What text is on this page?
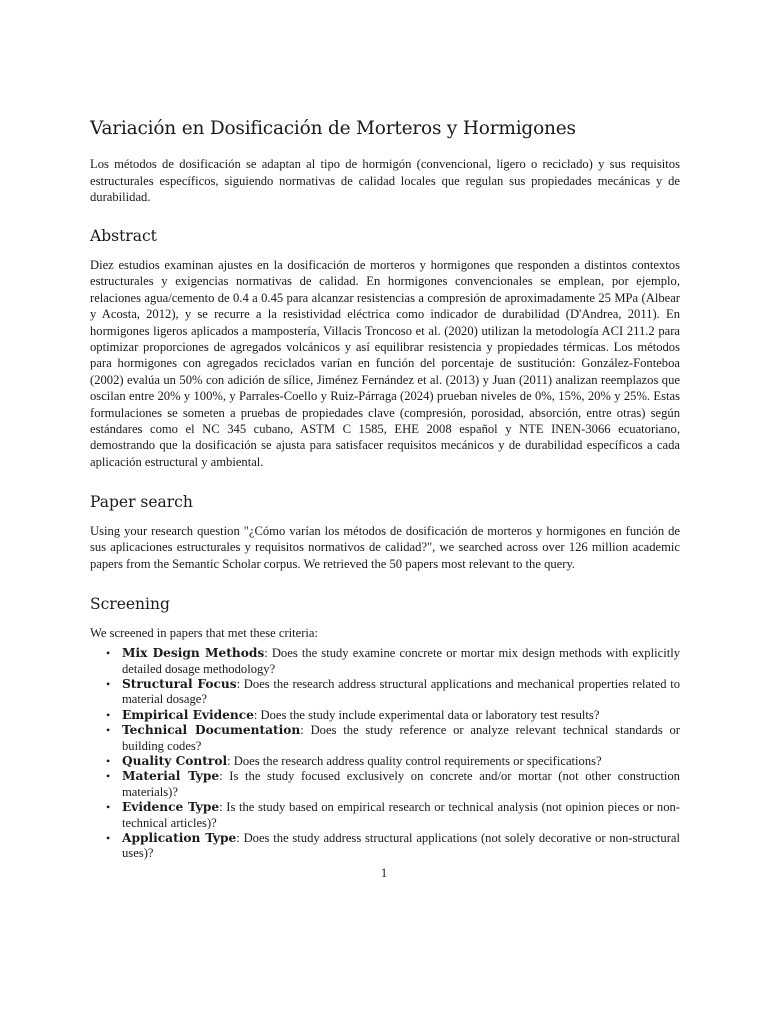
Variación en Dosificación de Morteros y Hormigones

Los métodos de dosificación se adaptan al tipo de hormigón (convencional, ligero o reciclado) y sus requisitos estructurales específicos, siguiendo normativas de calidad locales que regulan sus propiedades mecánicas y de durabilidad.

Abstract

Diez estudios examinan ajustes en la dosificación de morteros y hormigones que responden a distintos contextos estructurales y exigencias normativas de calidad. En hormigones convencionales se emplean, por ejemplo, relaciones agua/cemento de 0.4 a 0.45 para alcanzar resistencias a compresión de aproximadamente 25 MPa (Albear y Acosta, 2012), y se recurre a la resistividad eléctrica como indicador de durabilidad (D'Andrea, 2011). En hormigones ligeros aplicados a mampostería, Villacis Troncoso et al. (2020) utilizan la metodología ACI 211.2 para optimizar proporciones de agregados volcánicos y así equilibrar resistencia y propiedades térmicas. Los métodos para hormigones con agregados reciclados varían en función del porcentaje de sustitución: González-Fonteboa (2002) evalúa un 50% con adición de sílice, Jiménez Fernández et al. (2013) y Juan (2011) analizan reemplazos que oscilan entre 20% y 100%, y Parrales-Coello y Ruiz-Párraga (2024) prueban niveles de 0%, 15%, 20% y 25%. Estas formulaciones se someten a pruebas de propiedades clave (compresión, porosidad, absorción, entre otras) según estándares como el NC 345 cubano, ASTM C 1585, EHE 2008 español y NTE INEN-3066 ecuatoriano, demostrando que la dosificación se ajusta para satisfacer requisitos mecánicos y de durabilidad específicos a cada aplicación estructural y ambiental.

Paper search

Using your research question "¿Cómo varían los métodos de dosificación de morteros y hormigones en función de sus aplicaciones estructurales y requisitos normativos de calidad?", we searched across over 126 million academic papers from the Semantic Scholar corpus. We retrieved the 50 papers most relevant to the query.

Screening

We screened in papers that met these criteria:

• Mix Design Methods: Does the study examine concrete or mortar mix design methods with explicitly detailed dosage methodology?
• Structural Focus: Does the research address structural applications and mechanical properties related to material dosage?
• Empirical Evidence: Does the study include experimental data or laboratory test results?
• Technical Documentation: Does the study reference or analyze relevant technical standards or building codes?
• Quality Control: Does the research address quality control requirements or specifications?
• Material Type: Is the study focused exclusively on concrete and/or mortar (not other construction materials)?
• Evidence Type: Is the study based on empirical research or technical analysis (not opinion pieces or non-technical articles)?
• Application Type: Does the study address structural applications (not solely decorative or non-structural uses)?
1
